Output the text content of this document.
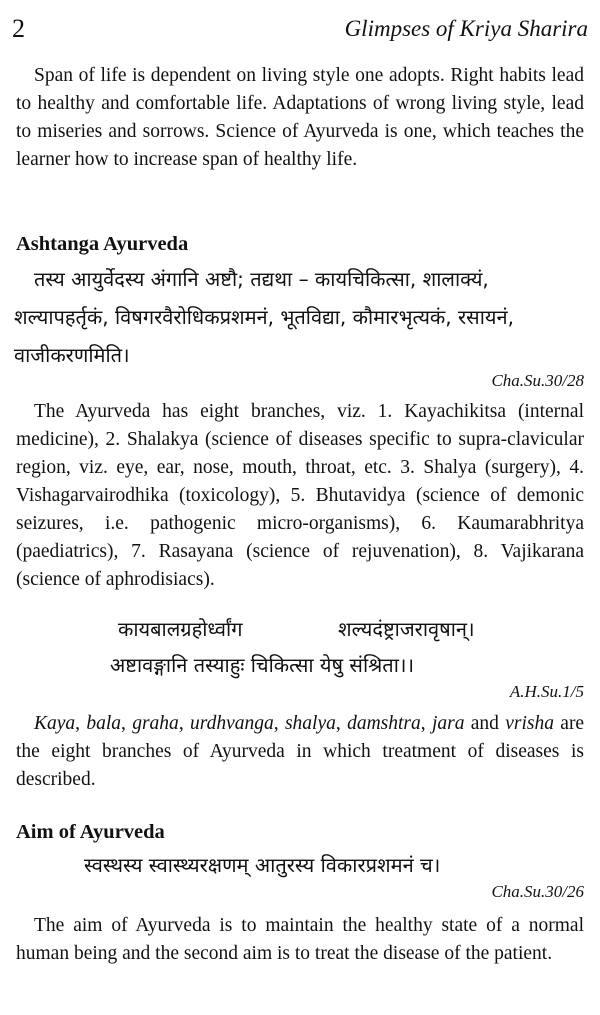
2	Glimpses of Kriya Sharira

Span of life is dependent on living style one adopts. Right habits lead to healthy and comfortable life. Adaptations of wrong living style, lead to miseries and sorrows. Science of Ayurveda is one, which teaches the learner how to increase span of healthy life.

Ashtanga Ayurveda

तस्य आयुर्वेदस्य अंगानि अष्टौ; तद्यथा – कायचिकित्सा, शालाक्यं,

शल्यापहर्तृकं, विषगरवैरोधिकप्रशमनं, भूतविद्या, कौमारभृत्यकं, रसायनं,

वाजीकरणमिति।

Cha.Su.30/28

The Ayurveda has eight branches, viz. 1. Kayachikitsa (internal medicine), 2. Shalakya (science of diseases specific to supra-clavicular region, viz. eye, ear, nose, mouth, throat, etc. 3. Shalya (surgery), 4. Vishagarvairodhika (toxicology), 5. Bhutavidya (science of demonic seizures, i.e. pathogenic micro-organisms), 6. Kaumarabhritya (paediatrics), 7. Rasayana (science of rejuvenation), 8. Vajikarana (science of aphrodisiacs).

कायबालग्रहोर्ध्वांग	शल्यदंष्ट्राजरावृषान्।

अष्टावङ्गानि तस्याहुः चिकित्सा येषु संश्रिता।।

A.H.Su.1/5

Kaya, bala, graha, urdhvanga, shalya, damshtra, jara and vrisha are the eight branches of Ayurveda in which treatment of diseases is described.

Aim of Ayurveda

स्वस्थस्य स्वास्थ्यरक्षणम् आतुरस्य विकारप्रशमनं च।

Cha.Su.30/26

The aim of Ayurveda is to maintain the healthy state of a normal human being and the second aim is to treat the disease of the patient.
